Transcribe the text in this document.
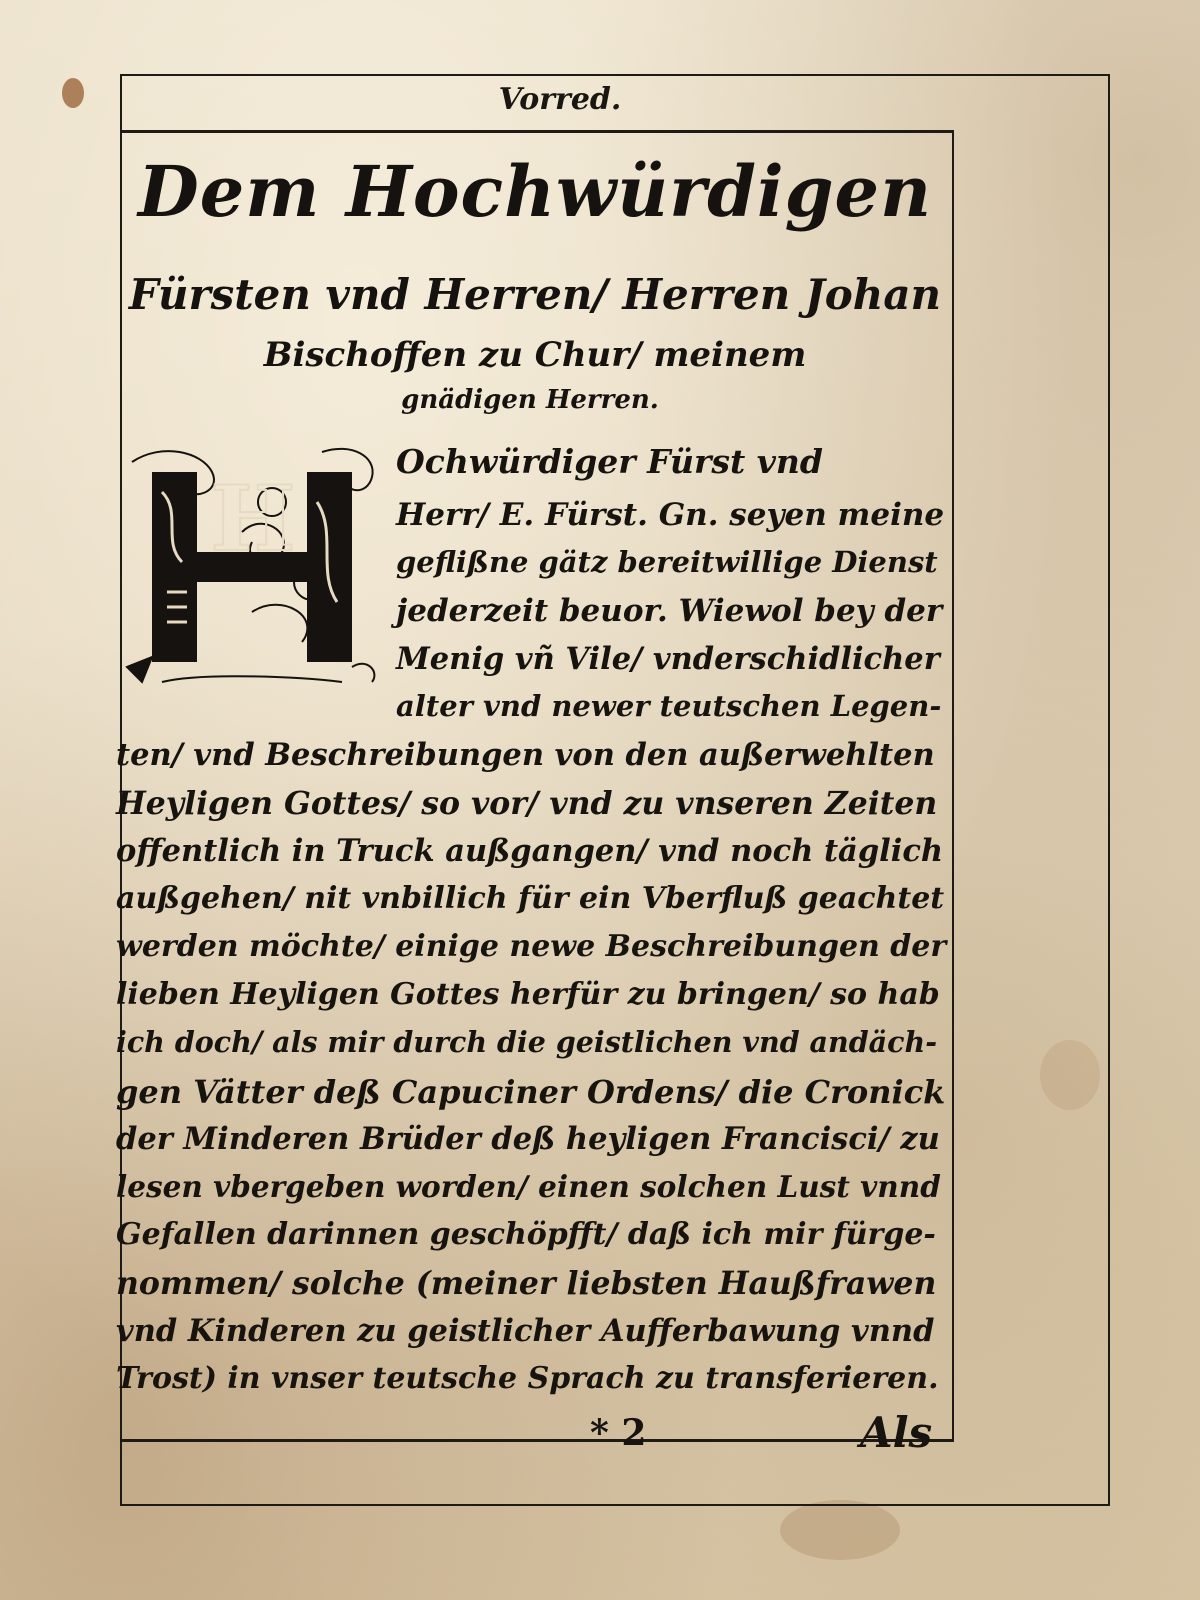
Vorred.
Dem Hochwürdigen
Fürsten vnd Herren/ Herren Johan
Bischoffen zu Chur/ meinem
gnädigen Herren.
H
Ochwürdiger Fürst vnd
Herr/ E. Fürst. Gn. seyen meine
geflißne gätz bereitwillige Dienst
jederzeit beuor. Wiewol bey der
Menig vñ Vile/ vnderschidlicher
alter vnd newer teutschen Legen-
ten/ vnd Beschreibungen von den außerwehlten
Heyligen Gottes/ so vor/ vnd zu vnseren Zeiten
offentlich in Truck außgangen/ vnd noch täglich
außgehen/ nit vnbillich für ein Vberfluß geachtet
werden möchte/ einige newe Beschreibungen der
lieben Heyligen Gottes herfür zu bringen/ so hab
ich doch/ als mir durch die geistlichen vnd andäch-
gen Vätter deß Capuciner Ordens/ die Cronick
der Minderen Brüder deß heyligen Francisci/ zu
lesen vbergeben worden/ einen solchen Lust vnnd
Gefallen darinnen geschöpfft/ daß ich mir fürge-
nommen/ solche (meiner liebsten Haußfrawen
vnd Kinderen zu geistlicher Aufferbawung vnnd
Trost) in vnser teutsche Sprach zu transferieren.
* 2	Als
